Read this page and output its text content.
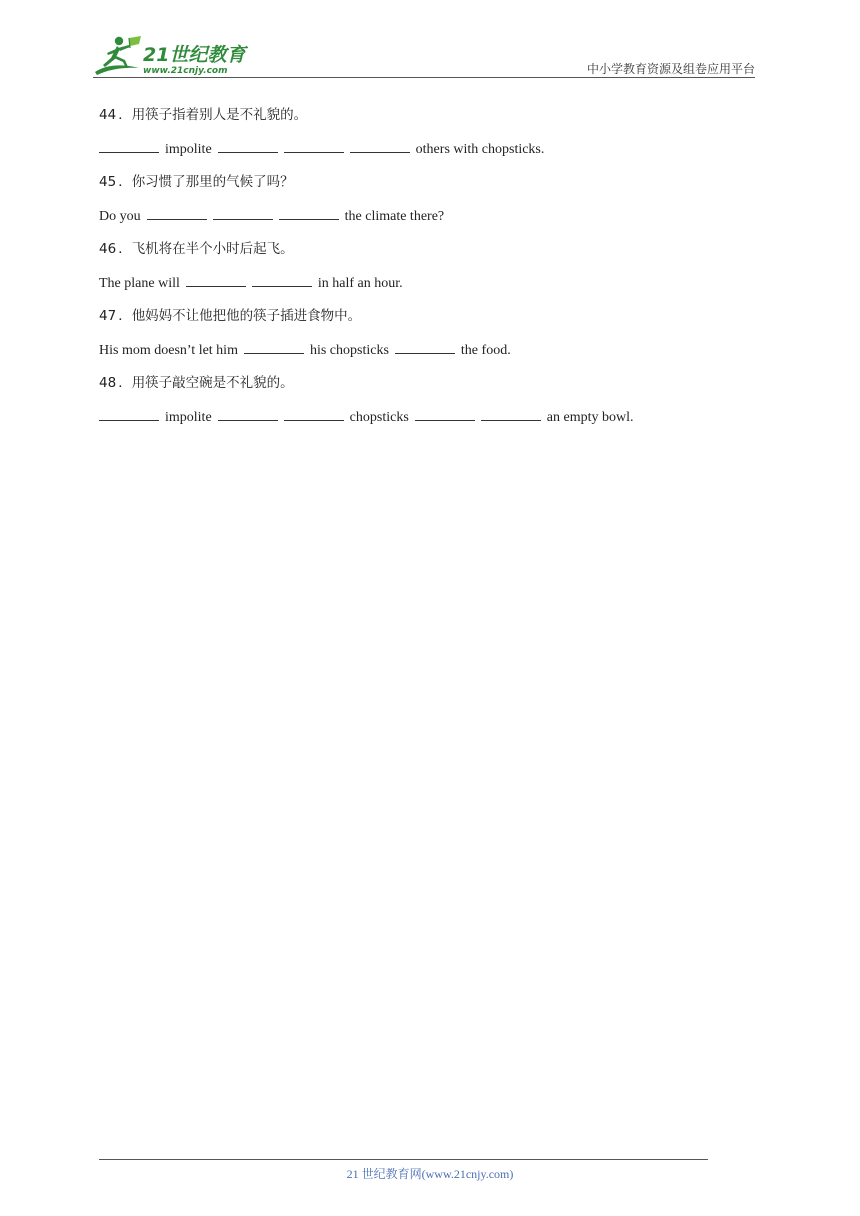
21世纪教育
www.21cnjy.com	中小学教育资源及组卷应用平台
44 ．用筷子指着别人是不礼貌的。
impolite	others with chopsticks.
45 ．你习惯了那里的气候了吗？
Do you	the climate there?
46 ．飞机将在半个小时后起飞。
The plane will	in half an hour.
47 ．他妈妈不让他把他的筷子插进食物中。
His mom doesn’t let him	his chopsticks	the food.
48 ．用筷子敲空碗是不礼貌的。
impolite	chopsticks	an empty bowl.
21 世纪教育网(www.21cnjy.com)
